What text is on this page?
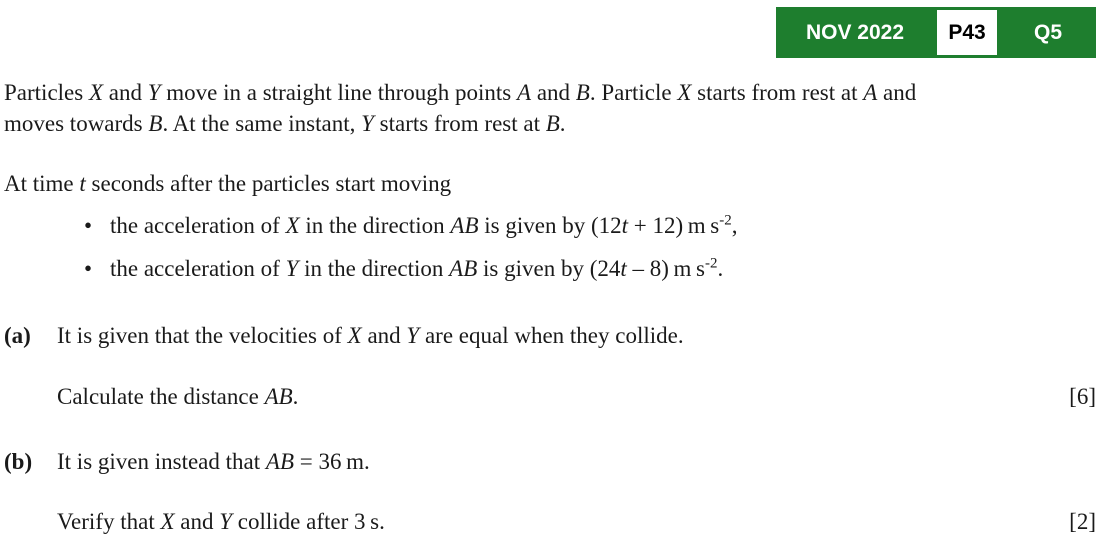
NOV 2022	P43	Q5
Particles X and Y move in a straight line through points A and B. Particle X starts from rest at A and
moves towards B. At the same instant, Y starts from rest at B.
At time t seconds after the particles start moving
• the acceleration of X in the direction AB is given by (12t + 12) m $s^{-2}$,
• the acceleration of Y in the direction AB is given by (24t – 8) m $s^{-2}$.
(a) It is given that the velocities of X and Y are equal when they collide.
Calculate the distance AB.	[6]
(b) It is given instead that AB = 36 m.
Verify that X and Y collide after 3 s.	[2]
